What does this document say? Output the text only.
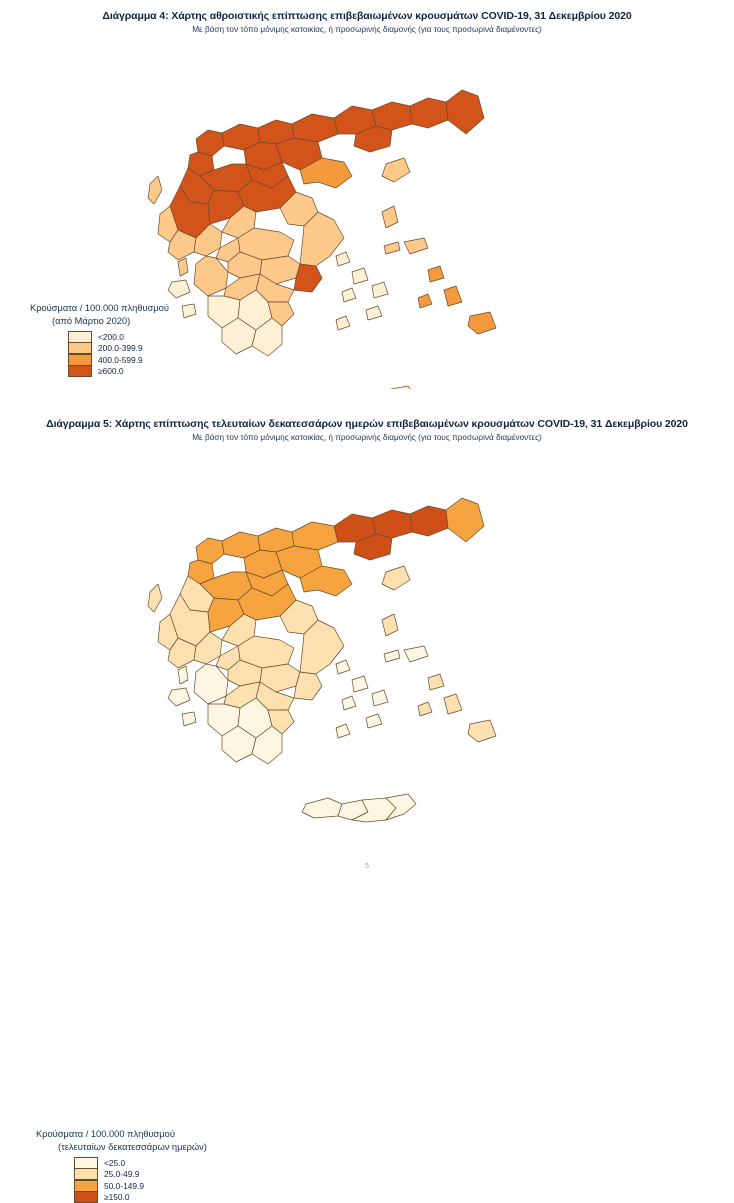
Διάγραμμα 4: Χάρτης αθροιστικής επίπτωσης επιβεβαιωμένων κρουσμάτων COVID-19, 31 Δεκεμβρίου 2020
Με βάση τον τόπο μόνιμης κατοικίας, ή προσωρινής διαμονής (για τους προσωρινά διαμένοντες)
Κρούσματα / 100.000 πληθυσμού
(από Μάρτιο 2020)
<200.0
200.0-399.9
400.0-599.9
≥600.0
Διάγραμμα 5: Χάρτης επίπτωσης τελευταίων δεκατεσσάρων ημερών επιβεβαιωμένων κρουσμάτων COVID-19, 31 Δεκεμβρίου 2020
Με βάση τον τόπο μόνιμης κατοικίας, ή προσωρινής διαμονής (για τους προσωρινά διαμένοντες)
Κρούσματα / 100.000 πληθυσμού
(τελευταίων δεκατεσσάρων ημερών)
<25.0
25.0-49.9
50.0-149.9
≥150.0
5
